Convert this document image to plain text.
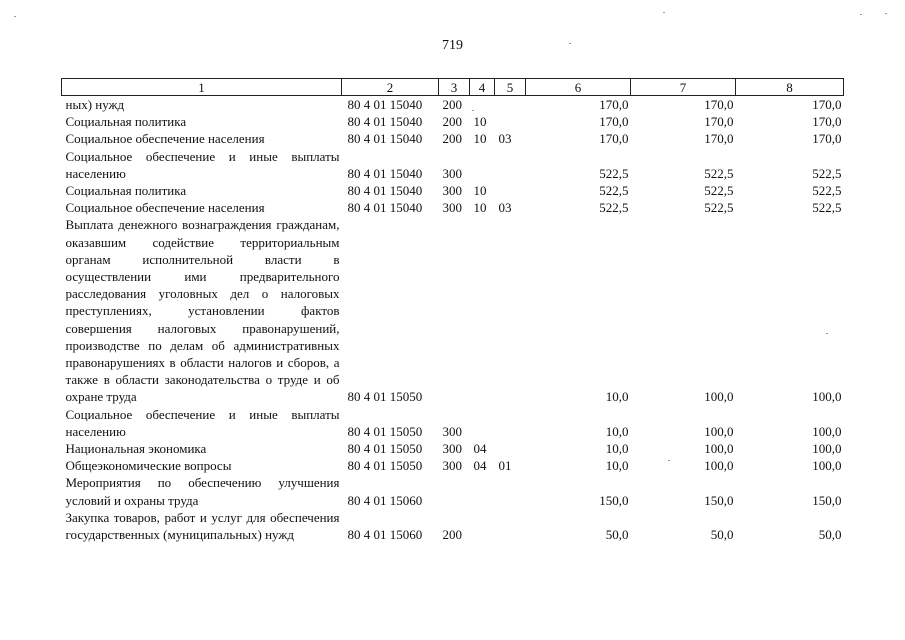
719
1	2	3	4	5	6	7	8
ных) нужд	80 4 01 15040	200			170,0	170,0	170,0
Социальная политика	80 4 01 15040	200	10		170,0	170,0	170,0
Социальное обеспечение населения	80 4 01 15040	200	10	03	170,0	170,0	170,0
Социальное обеспечение и иные выплаты населению	80 4 01 15040	300			522,5	522,5	522,5
Социальная политика	80 4 01 15040	300	10		522,5	522,5	522,5
Социальное обеспечение населения	80 4 01 15040	300	10	03	522,5	522,5	522,5
Выплата денежного вознаграждения гражданам, оказавшим содействие территориальным органам исполнительной власти в осуществлении ими предварительного расследования уголовных дел о налоговых преступлениях, установлении фактов совершения налоговых правонарушений, производстве по делам об административных правонарушениях в области налогов и сборов, а также в области законодательства о труде и об охране труда	80 4 01 15050				10,0	100,0	100,0
Социальное обеспечение и иные выплаты населению	80 4 01 15050	300			10,0	100,0	100,0
Национальная экономика	80 4 01 15050	300	04		10,0	100,0	100,0
Общеэкономические вопросы	80 4 01 15050	300	04	01	10,0	100,0	100,0
Мероприятия по обеспечению улучшения условий и охраны труда	80 4 01 15060				150,0	150,0	150,0
Закупка товаров, работ и услуг для обеспечения государственных (муниципальных) нужд	80 4 01 15060	200			50,0	50,0	50,0
